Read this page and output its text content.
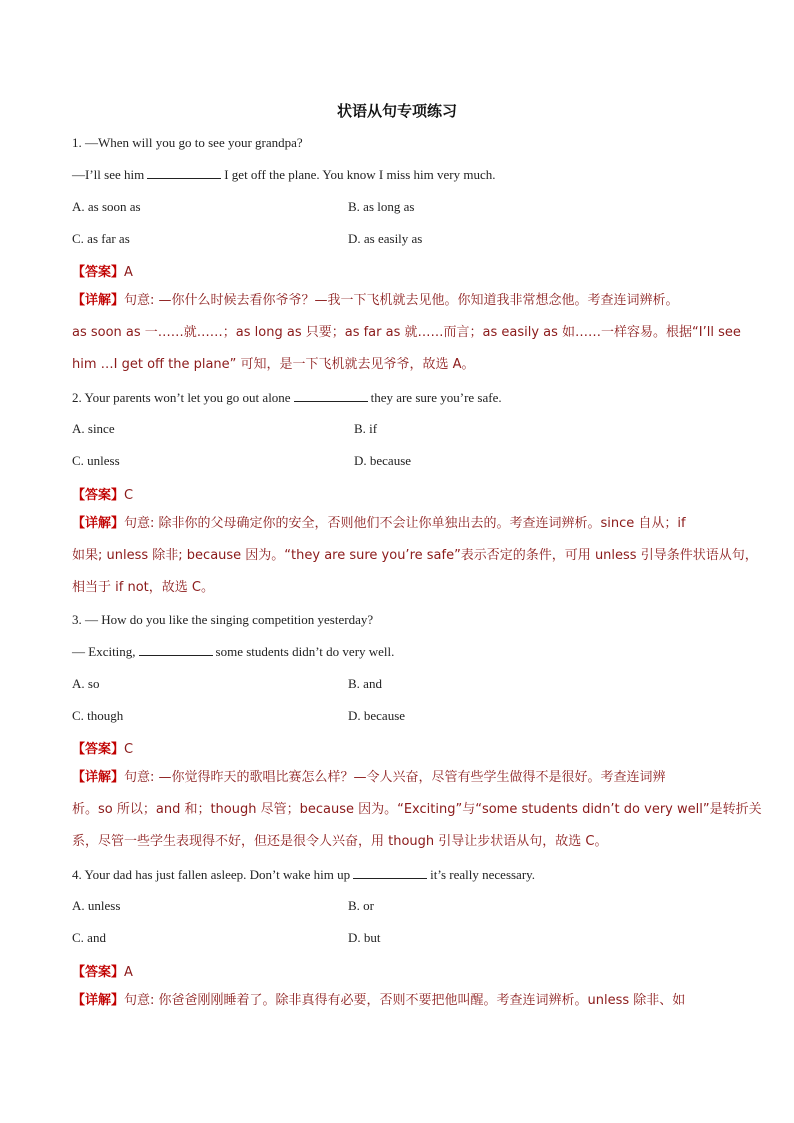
状语从句专项练习
1. —When will you go to see your grandpa?
—I’ll see him	I get off the plane. You know I miss him very much.
A. as soon as	B. as long as
C. as far as	D. as easily as
【答案】A
【详解】句意: —你什么时候去看你爷爷？—我一下飞机就去见他。你知道我非常想念他。考查连词辨析。
as soon as 一……就……；as long as 只要；as far as 就……而言；as easily as 如……一样容易。根据“I’ll see
him …I get off the plane” 可知，是一下飞机就去见爷爷，故选 A。
2. Your parents won’t let you go out alone	they are sure you’re safe.
A. since	B. if
C. unless	D. because
【答案】C
【详解】句意: 除非你的父母确定你的安全，否则他们不会让你单独出去的。考查连词辨析。since 自从；if
如果; unless 除非; because 因为。“they are sure you’re safe”表示否定的条件，可用 unless 引导条件状语从句，
相当于 if not，故选 C。
3. — How do you like the singing competition yesterday?
— Exciting,	some students didn’t do very well.
A. so	B. and
C. though	D. because
【答案】C
【详解】句意: —你觉得昨天的歌唱比赛怎么样？—令人兴奋，尽管有些学生做得不是很好。考查连词辨
析。so 所以；and 和；though 尽管；because 因为。“Exciting”与“some students didn’t do very well”是转折关
系，尽管一些学生表现得不好，但还是很令人兴奋，用 though 引导让步状语从句，故选 C。
4. Your dad has just fallen asleep. Don’t wake him up	it’s really necessary.
A. unless	B. or
C. and	D. but
【答案】A
【详解】句意: 你爸爸刚刚睡着了。除非真得有必要，否则不要把他叫醒。考查连词辨析。unless 除非、如
